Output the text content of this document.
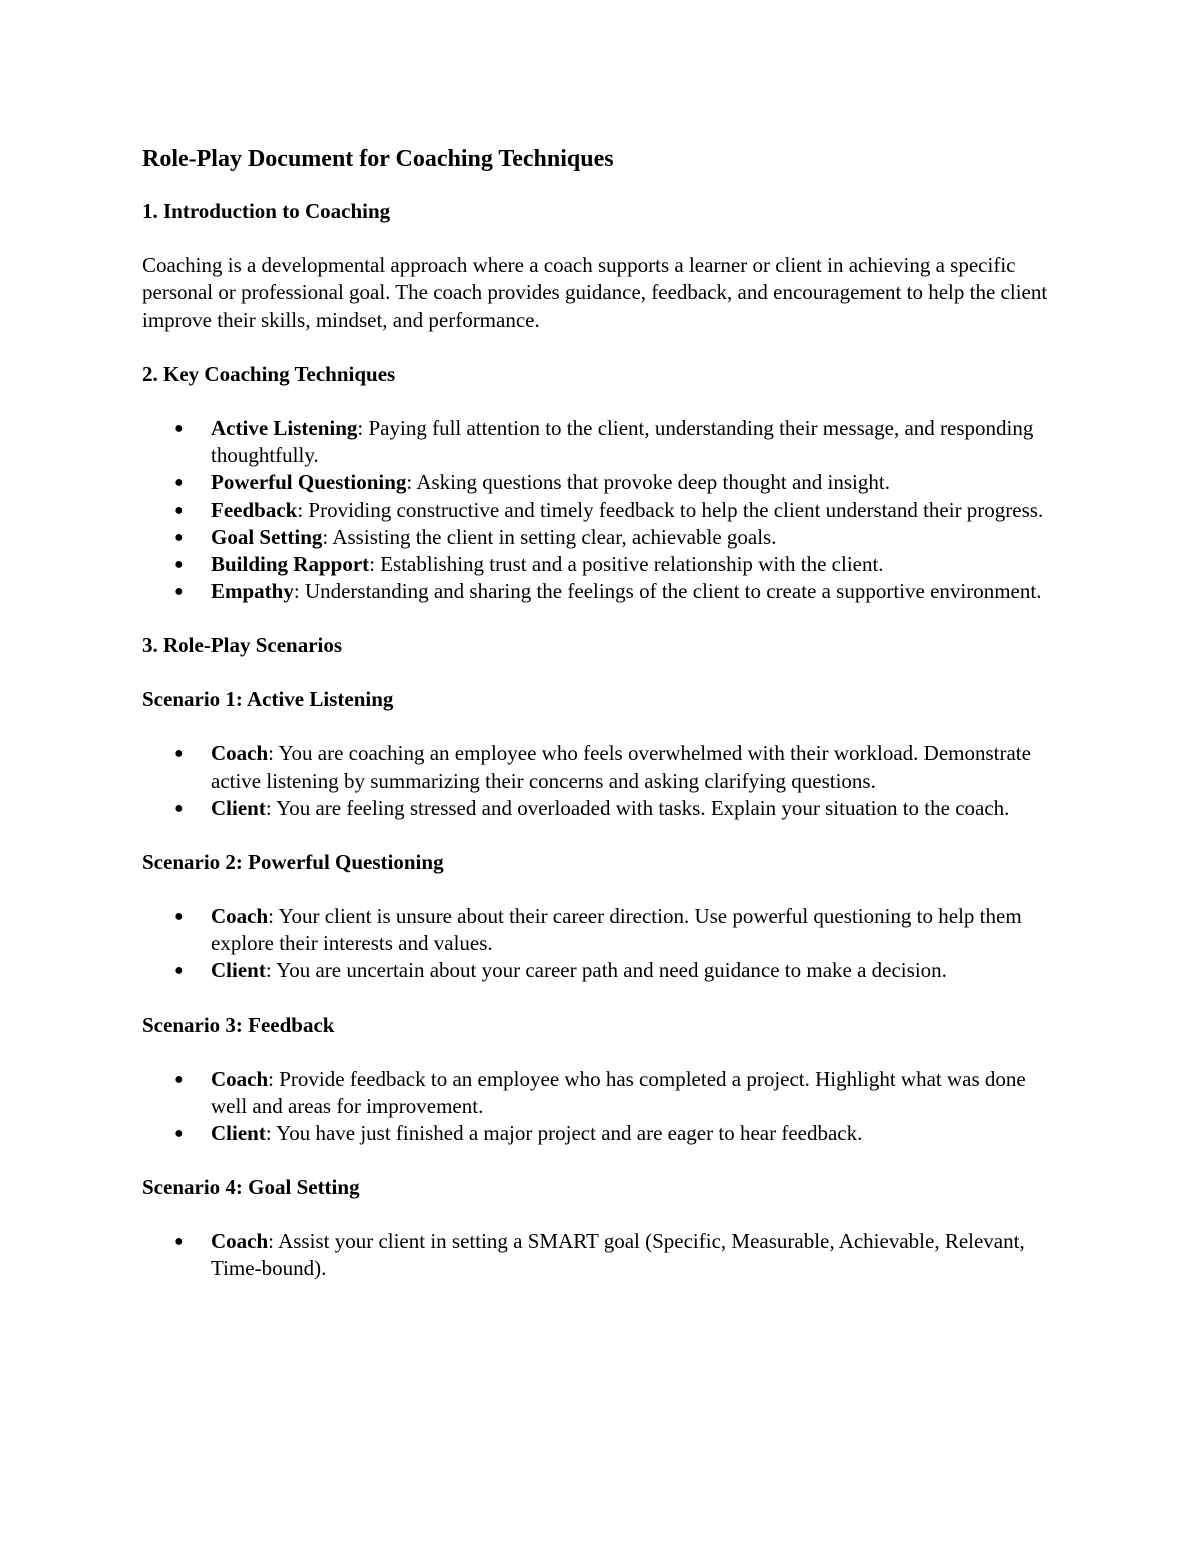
Role-Play Document for Coaching Techniques
1. Introduction to Coaching

Coaching is a developmental approach where a coach supports a learner or client in achieving a specific personal or professional goal. The coach provides guidance, feedback, and encouragement to help the client improve their skills, mindset, and performance.

2. Key Coaching Techniques
● Active Listening: Paying full attention to the client, understanding their message, and responding thoughtfully.
● Powerful Questioning: Asking questions that provoke deep thought and insight.
● Feedback: Providing constructive and timely feedback to help the client understand their progress.
● Goal Setting: Assisting the client in setting clear, achievable goals.
● Building Rapport: Establishing trust and a positive relationship with the client.
● Empathy: Understanding and sharing the feelings of the client to create a supportive environment.
3. Role-Play Scenarios
Scenario 1: Active Listening
● Coach: You are coaching an employee who feels overwhelmed with their workload. Demonstrate active listening by summarizing their concerns and asking clarifying questions.
● Client: You are feeling stressed and overloaded with tasks. Explain your situation to the coach.
Scenario 2: Powerful Questioning
● Coach: Your client is unsure about their career direction. Use powerful questioning to help them explore their interests and values.
● Client: You are uncertain about your career path and need guidance to make a decision.
Scenario 3: Feedback
● Coach: Provide feedback to an employee who has completed a project. Highlight what was done well and areas for improvement.
● Client: You have just finished a major project and are eager to hear feedback.
Scenario 4: Goal Setting
● Coach: Assist your client in setting a SMART goal (Specific, Measurable, Achievable, Relevant, Time-bound).
